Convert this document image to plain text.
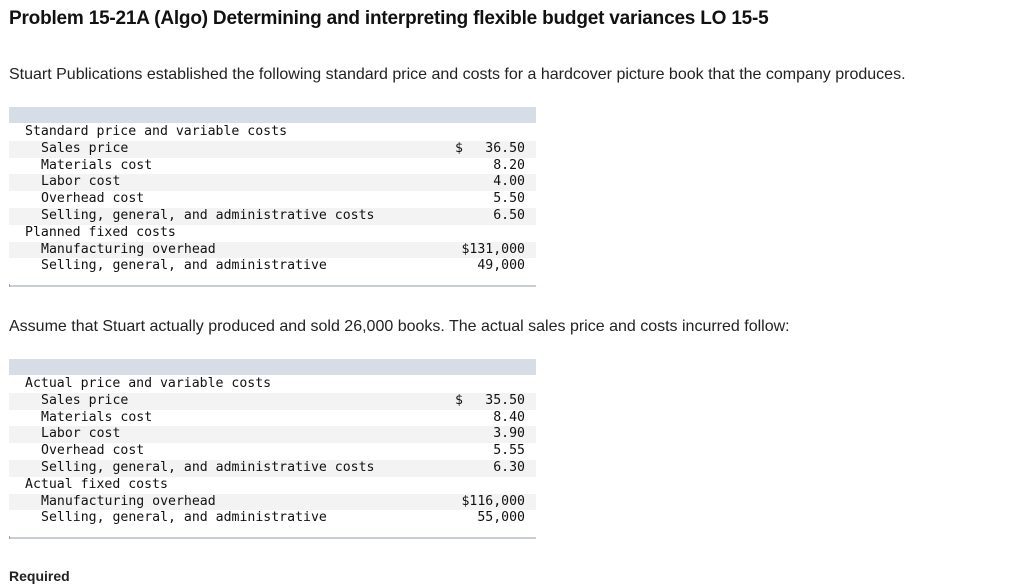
Problem 15-21A (Algo) Determining and interpreting flexible budget variances LO 15-5
Stuart Publications established the following standard price and costs for a hardcover picture book that the company produces.
Standard price and variable costs
Sales price	$ 36.50
Materials cost	8.20
Labor cost	4.00
Overhead cost	5.50
Selling, general, and administrative costs	6.50
Planned fixed costs
Manufacturing overhead	$131,000
Selling, general, and administrative	49,000
Assume that Stuart actually produced and sold 26,000 books. The actual sales price and costs incurred follow:
Actual price and variable costs
Sales price	$ 35.50
Materials cost	8.40
Labor cost	3.90
Overhead cost	5.55
Selling, general, and administrative costs	6.30
Actual fixed costs
Manufacturing overhead	$116,000
Selling, general, and administrative	55,000
Required
